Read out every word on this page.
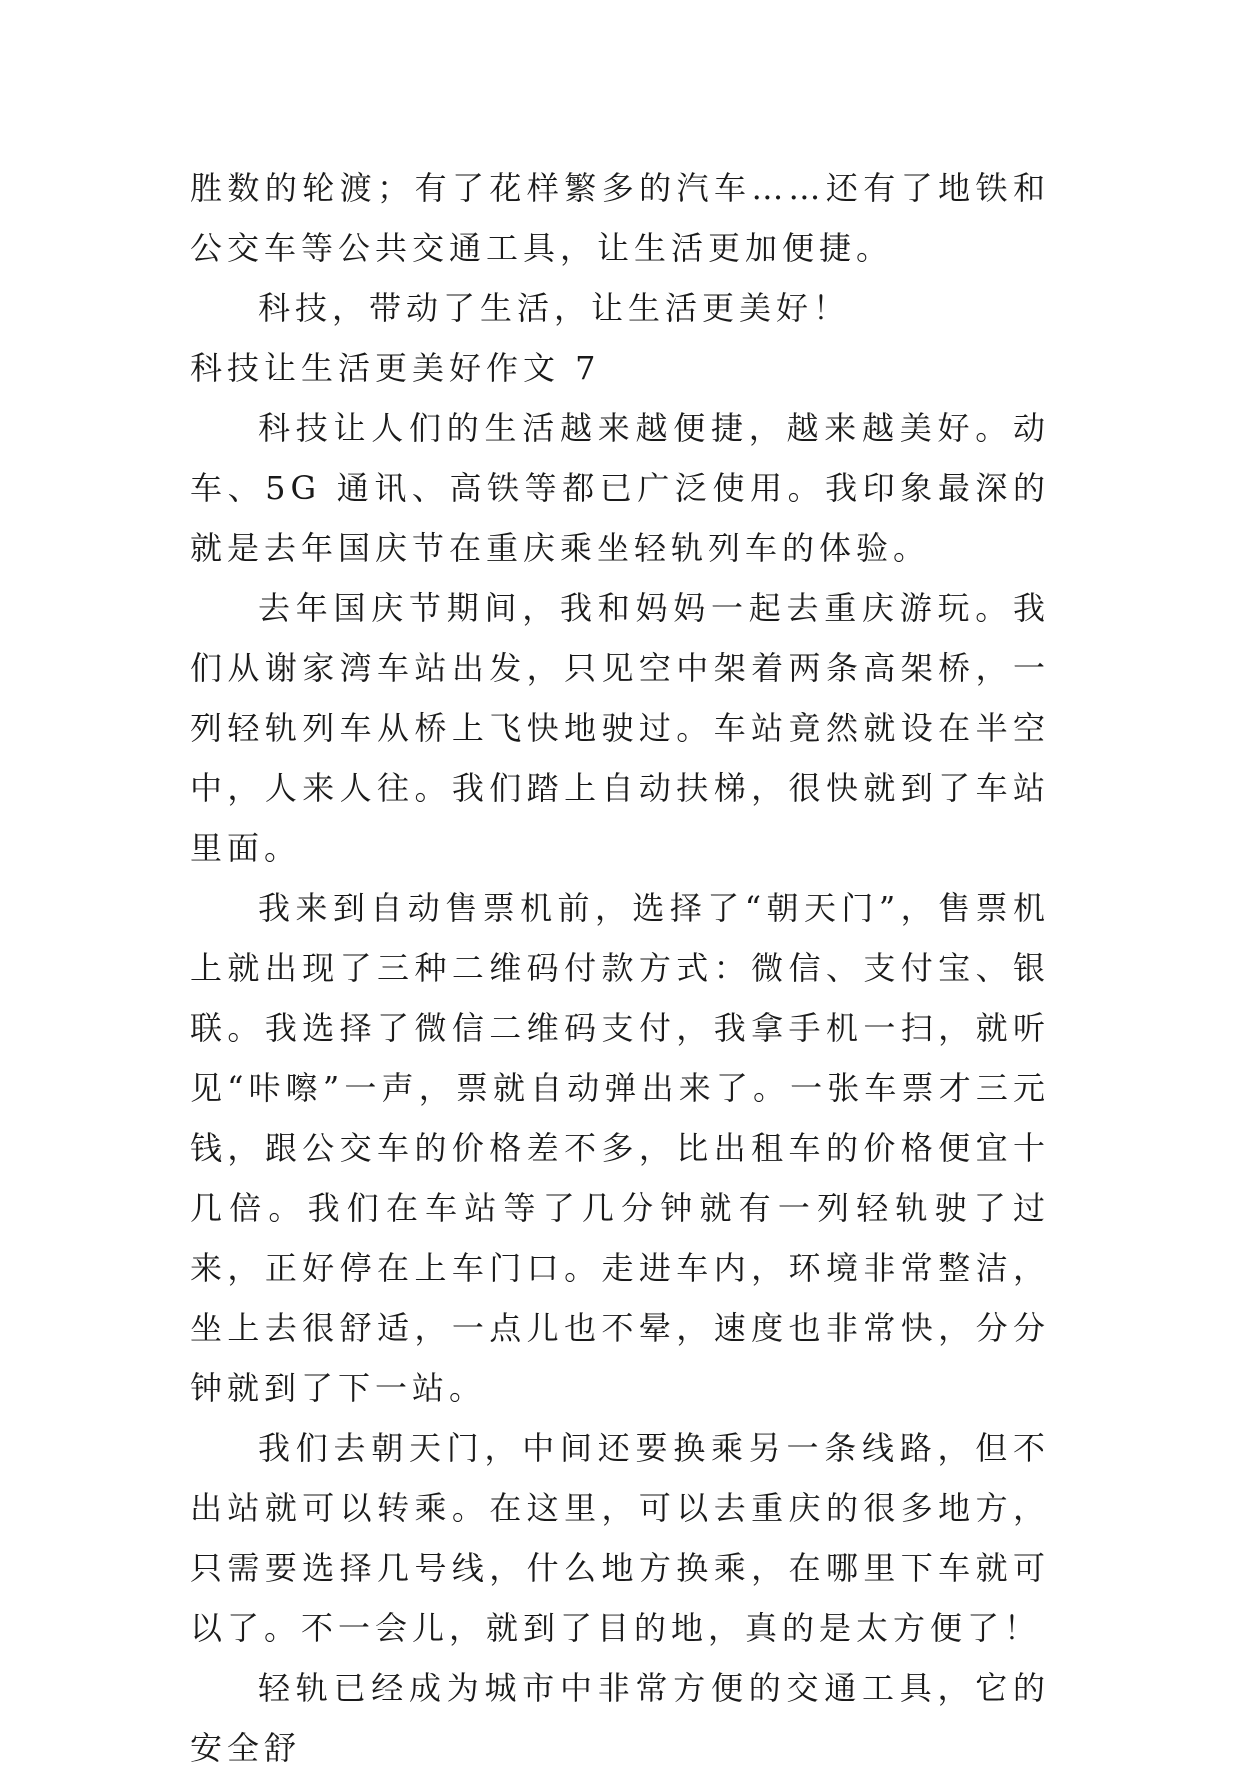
胜数的轮渡；有了花样繁多的汽车……还有了地铁和公交车等公共交通工具，让生活更加便捷。

科技，带动了生活，让生活更美好！

科技让生活更美好作文 7

科技让人们的生活越来越便捷，越来越美好。动车、5G 通讯、高铁等都已广泛使用。我印象最深的就是去年国庆节在重庆乘坐轻轨列车的体验。

去年国庆节期间，我和妈妈一起去重庆游玩。我们从谢家湾车站出发，只见空中架着两条高架桥，一列轻轨列车从桥上飞快地驶过。车站竟然就设在半空中，人来人往。我们踏上自动扶梯，很快就到了车站里面。

我来到自动售票机前，选择了“朝天门”，售票机上就出现了三种二维码付款方式：微信、支付宝、银联。我选择了微信二维码支付，我拿手机一扫，就听见“咔嚓”一声，票就自动弹出来了。一张车票才三元钱，跟公交车的价格差不多，比出租车的价格便宜十几倍。我们在车站等了几分钟就有一列轻轨驶了过来，正好停在上车门口。走进车内，环境非常整洁，坐上去很舒适，一点儿也不晕，速度也非常快，分分钟就到了下一站。

我们去朝天门，中间还要换乘另一条线路，但不出站就可以转乘。在这里，可以去重庆的很多地方，只需要选择几号线，什么地方换乘，在哪里下车就可以了。不一会儿，就到了目的地，真的是太方便了！

轻轨已经成为城市中非常方便的交通工具，它的安全舒
